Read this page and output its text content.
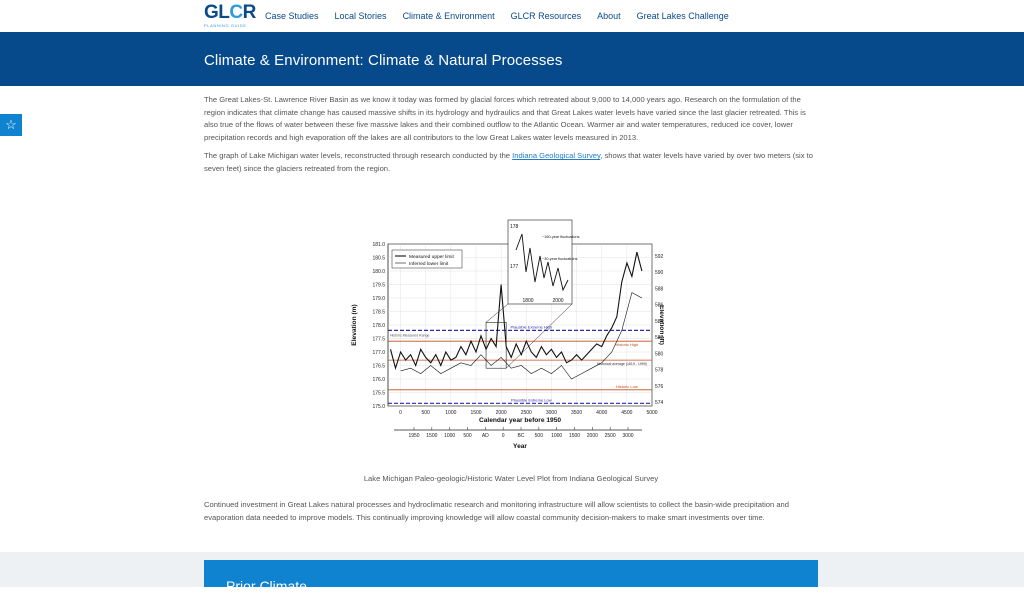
GLCR
PLANNING GUIDE
Case Studies Local Stories Climate & Environment GLCR Resources About Great Lakes Challenge
Climate & Environment: Climate & Natural Processes
☆

The Great Lakes-St. Lawrence River Basin as we know it today was formed by glacial forces which retreated about 9,000 to 14,000 years ago. Research on the formulation of the region indicates that climate change has caused massive shifts in its hydrology and hydraulics and that Great Lakes water levels have varied since the last glacier retreated. This is also true of the flows of water between these five massive lakes and their combined outflow to the Atlantic Ocean. Warmer air and water temperatures, reduced ice cover, lower precipitation records and high evaporation off the lakes are all contributors to the low Great Lakes water levels measured in 2013.

The graph of Lake Michigan water levels, reconstructed through research conducted by the Indiana Geological Survey, shows that water levels have varied by over two meters (six to seven feet) since the glaciers retreated from the region.

181.0
180.5
180.0
179.5
179.0
178.5
178.0
177.5
177.0
176.5
176.0
175.5
175.0
592
590
588
586
584
582
580
578
576
574
0	500	1000	1500	2000	2500	3000	3500	4000	4500	5000
Plausible Extreme High
Historic High
Historical average (1819 - 1999)
Historic Low
Plausible Extreme Low
Historic Measured Range
Measured upper limit
Inferred lower limit
178
177
1800	2000
~160-year fluctuations
~30-year fluctuations
1950 1500 1000 500 AD	0	BC 500 1000 1500 2000 2500 3000
Calendar year before 1950
Year
Elevation (m)	Elevation (ft)
Lake Michigan Paleo-geologic/Historic Water Level Plot from Indiana Geological Survey
Continued investment in Great Lakes natural processes and hydroclimatic research and monitoring infrastructure will allow scientists to collect the basin-wide precipitation and evaporation data needed to improve models. This continually improving knowledge will allow coastal community decision-makers to make smart investments over time.
Prior Climate
